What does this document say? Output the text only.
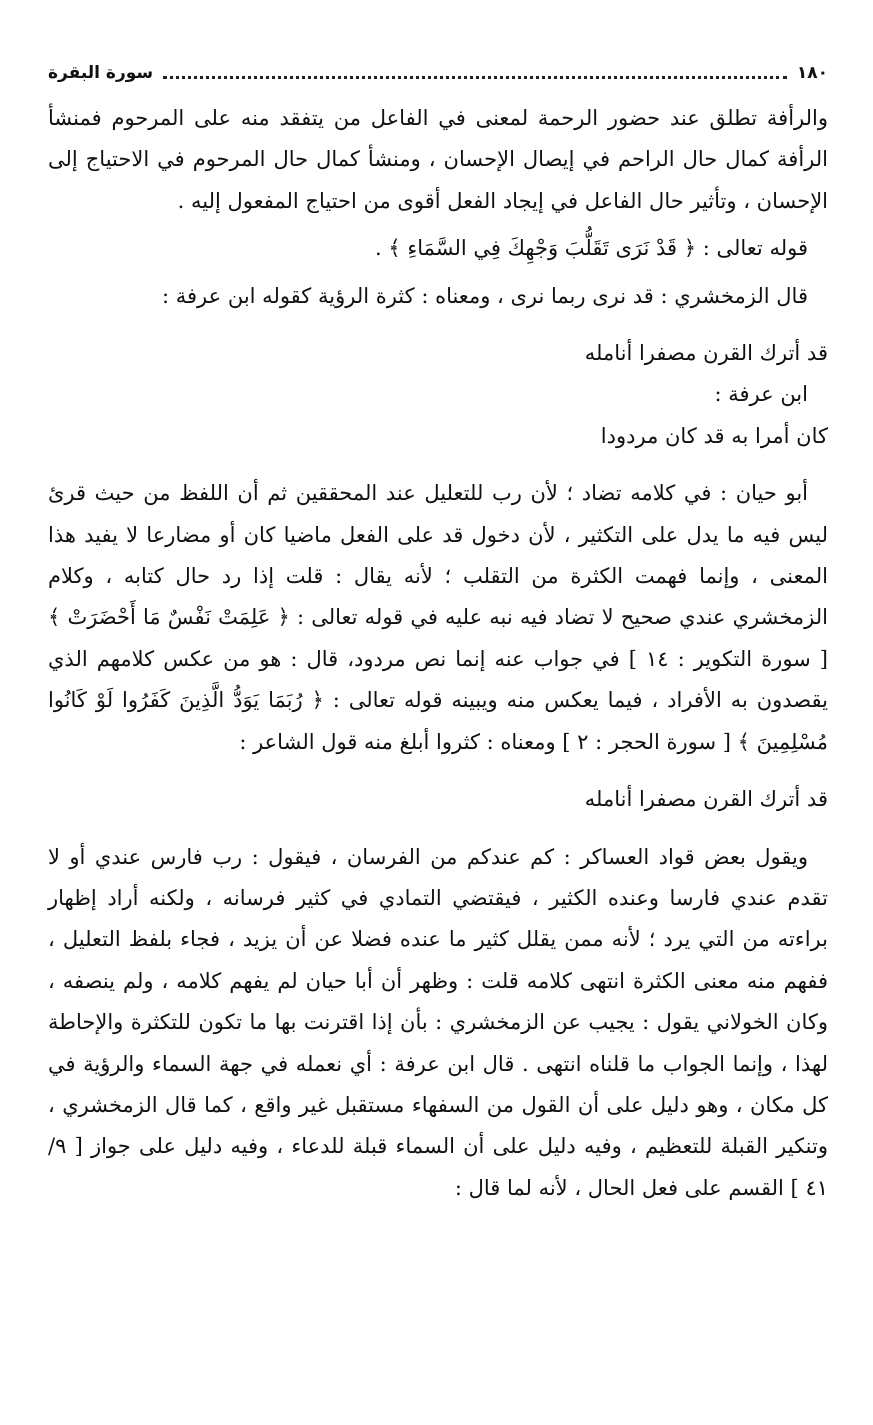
١٨٠
سورة البقرة

والرأفة تطلق عند حضور الرحمة لمعنى في الفاعل من يتفقد منه على المرحوم فمنشأ الرأفة كمال حال الراحم في إيصال الإحسان ، ومنشأ كمال حال المرحوم في الاحتياج إلى الإحسان ، وتأثير حال الفاعل في إيجاد الفعل أقوى من احتياج المفعول إليه .

قوله تعالى : ﴿ قَدْ نَرَى تَقَلُّبَ وَجْهِكَ فِي السَّمَاءِ ﴾ .

قال الزمخشري : قد نرى ربما نرى ، ومعناه : كثرة الرؤية كقوله ابن عرفة :

قد أترك القرن مصفرا أنامله

ابن عرفة :

كان أمرا به قد كان مردودا

أبو حيان : في كلامه تضاد ؛ لأن رب للتعليل عند المحققين ثم أن اللفظ من حيث قرئ ليس فيه ما يدل على التكثير ، لأن دخول قد على الفعل ماضيا كان أو مضارعا لا يفيد هذا المعنى ، وإنما فهمت الكثرة من التقلب ؛ لأنه يقال : قلت إذا رد حال كتابه ، وكلام الزمخشري عندي صحيح لا تضاد فيه نبه عليه في قوله تعالى : ﴿ عَلِمَتْ نَفْسٌ مَا أَحْضَرَتْ ﴾ [ سورة التكوير : ١٤ ] في جواب عنه إنما نص مردود، قال : هو من عكس كلامهم الذي يقصدون به الأفراد ، فيما يعكس منه ويبينه قوله تعالى : ﴿ رُبَمَا يَوَدُّ الَّذِينَ كَفَرُوا لَوْ كَانُوا مُسْلِمِينَ ﴾ [ سورة الحجر : ٢ ] ومعناه : كثروا أبلغ منه قول الشاعر :

قد أترك القرن مصفرا أنامله

ويقول بعض قواد العساكر : كم عندكم من الفرسان ، فيقول : رب فارس عندي أو لا تقدم عندي فارسا وعنده الكثير ، فيقتضي التمادي في كثير فرسانه ، ولكنه أراد إظهار براءته من التي يرد ؛ لأنه ممن يقلل كثير ما عنده فضلا عن أن يزيد ، فجاء بلفظ التعليل ، ففهم منه معنى الكثرة انتهى كلامه قلت : وظهر أن أبا حيان لم يفهم كلامه ، ولم ينصفه ، وكان الخولاني يقول : يجيب عن الزمخشري : بأن إذا اقترنت بها ما تكون للتكثرة والإحاطة لهذا ، وإنما الجواب ما قلناه انتهى . قال ابن عرفة : أي نعمله في جهة السماء والرؤية في كل مكان ، وهو دليل على أن القول من السفهاء مستقبل غير واقع ، كما قال الزمخشري ، وتنكير القبلة للتعظيم ، وفيه دليل على أن السماء قبلة للدعاء ، وفيه دليل على جواز [ ٩/ ٤١ ] القسم على فعل الحال ، لأنه لما قال :
